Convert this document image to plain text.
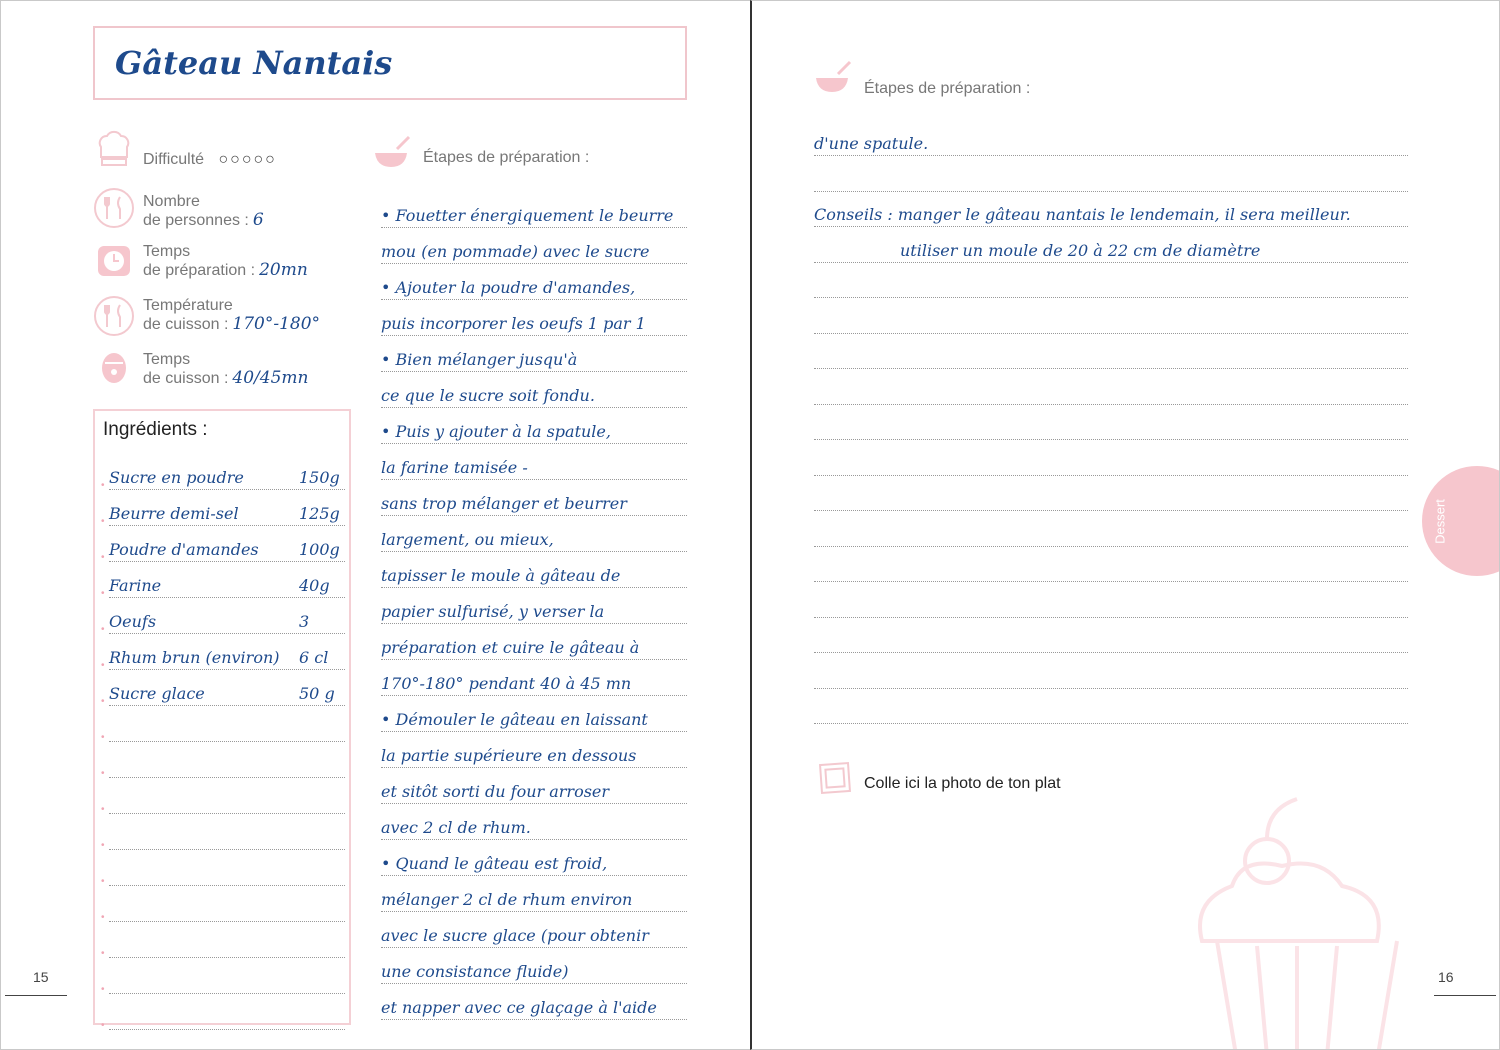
Gâteau Nantais
Difficulté ○○○○○
Nombre
de personnes : 6
Temps
de préparation : 20mn
Température
de cuisson : 170°-180°
Temps
de cuisson : 40/45mn
Ingrédients :
• Sucre en poudre	150g
• Beurre demi-sel	125g
• Poudre d'amandes	100g
• Farine	40g
• Oeufs	3
• Rhum brun (environ) 6 cl
• Sucre glace	50 g
•
•
•
•
•
•
•
•
•
Étapes de préparation :
• Fouetter énergiquement le beurre
mou (en pommade) avec le sucre
• Ajouter la poudre d'amandes,
puis incorporer les oeufs 1 par 1
• Bien mélanger jusqu'à
ce que le sucre soit fondu.
• Puis y ajouter à la spatule,
la farine tamisée -
sans trop mélanger et beurrer
largement, ou mieux,
tapisser le moule à gâteau de
papier sulfurisé, y verser la
préparation et cuire le gâteau à
170°-180° pendant 40 à 45 mn
• Démouler le gâteau en laissant
la partie supérieure en dessous
et sitôt sorti du four arroser
avec 2 cl de rhum.
• Quand le gâteau est froid,
mélanger 2 cl de rhum environ
avec le sucre glace (pour obtenir
une consistance fluide)
et napper avec ce glaçage à l'aide
15
Étapes de préparation :
d'une spatule.
Conseils : manger le gâteau nantais le lendemain, il sera meilleur.
utiliser un moule de 20 à 22 cm de diamètre
Dessert
Colle ici la photo de ton plat
16
